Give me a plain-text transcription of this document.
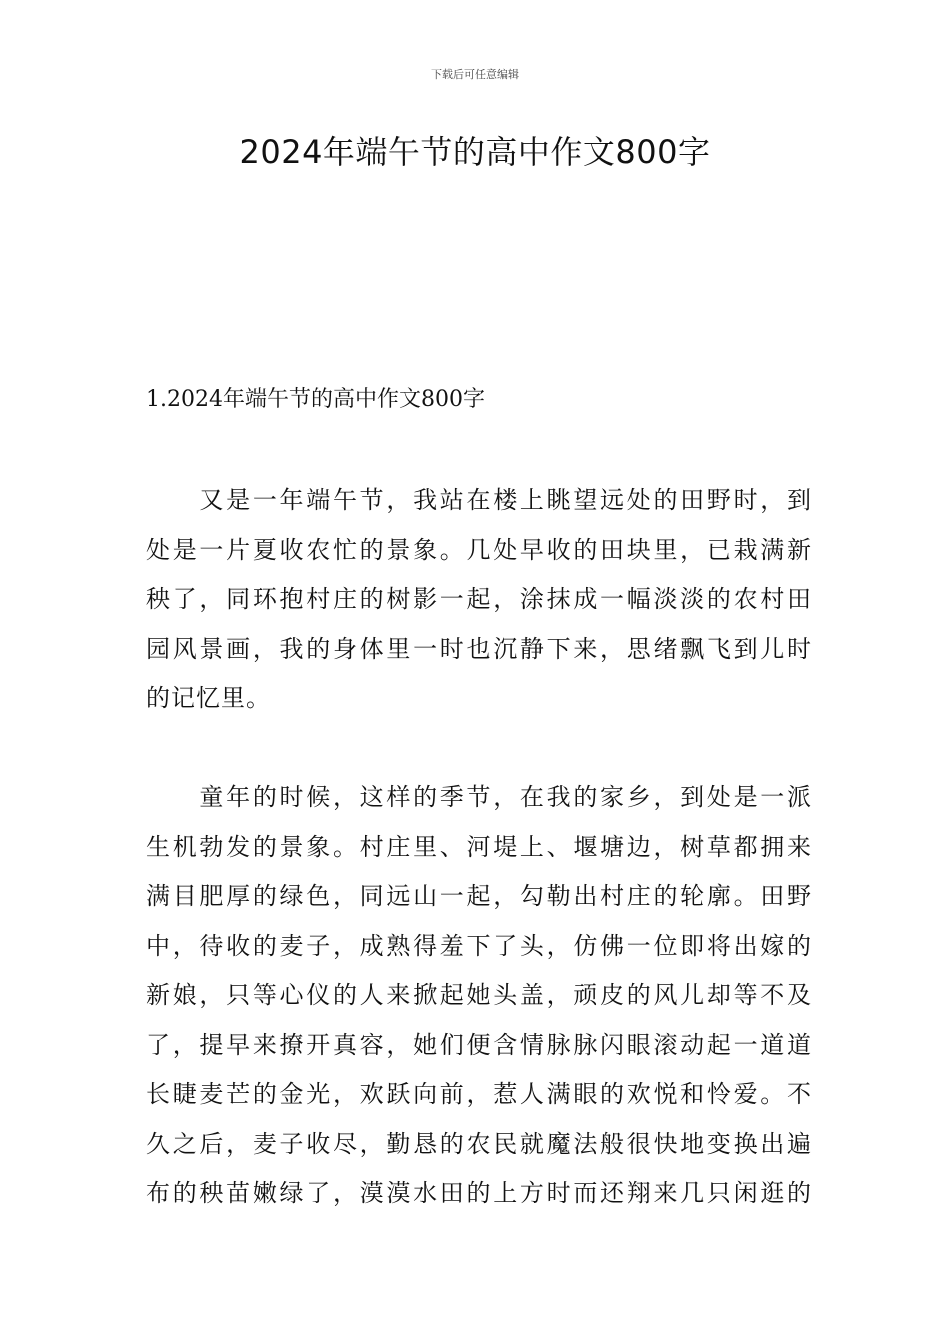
下载后可任意编辑
2024年端午节的高中作文800字
1.2024年端午节的高中作文800字
　　又是一年端午节，我站在楼上眺望远处的田野时，到
处是一片夏收农忙的景象。几处早收的田块里，已栽满新
秧了，同环抱村庄的树影一起，涂抹成一幅淡淡的农村田
园风景画，我的身体里一时也沉静下来，思绪飘飞到儿时
的记忆里。
　　童年的时候，这样的季节，在我的家乡，到处是一派
生机勃发的景象。村庄里、河堤上、堰塘边，树草都拥来
满目肥厚的绿色，同远山一起，勾勒出村庄的轮廓。田野
中，待收的麦子，成熟得羞下了头，仿佛一位即将出嫁的
新娘，只等心仪的人来掀起她头盖，顽皮的风儿却等不及
了，提早来撩开真容，她们便含情脉脉闪眼滚动起一道道
长睫麦芒的金光，欢跃向前，惹人满眼的欢悦和怜爱。不
久之后，麦子收尽，勤恳的农民就魔法般很快地变换出遍
布的秧苗嫩绿了，漠漠水田的上方时而还翔来几只闲逛的
